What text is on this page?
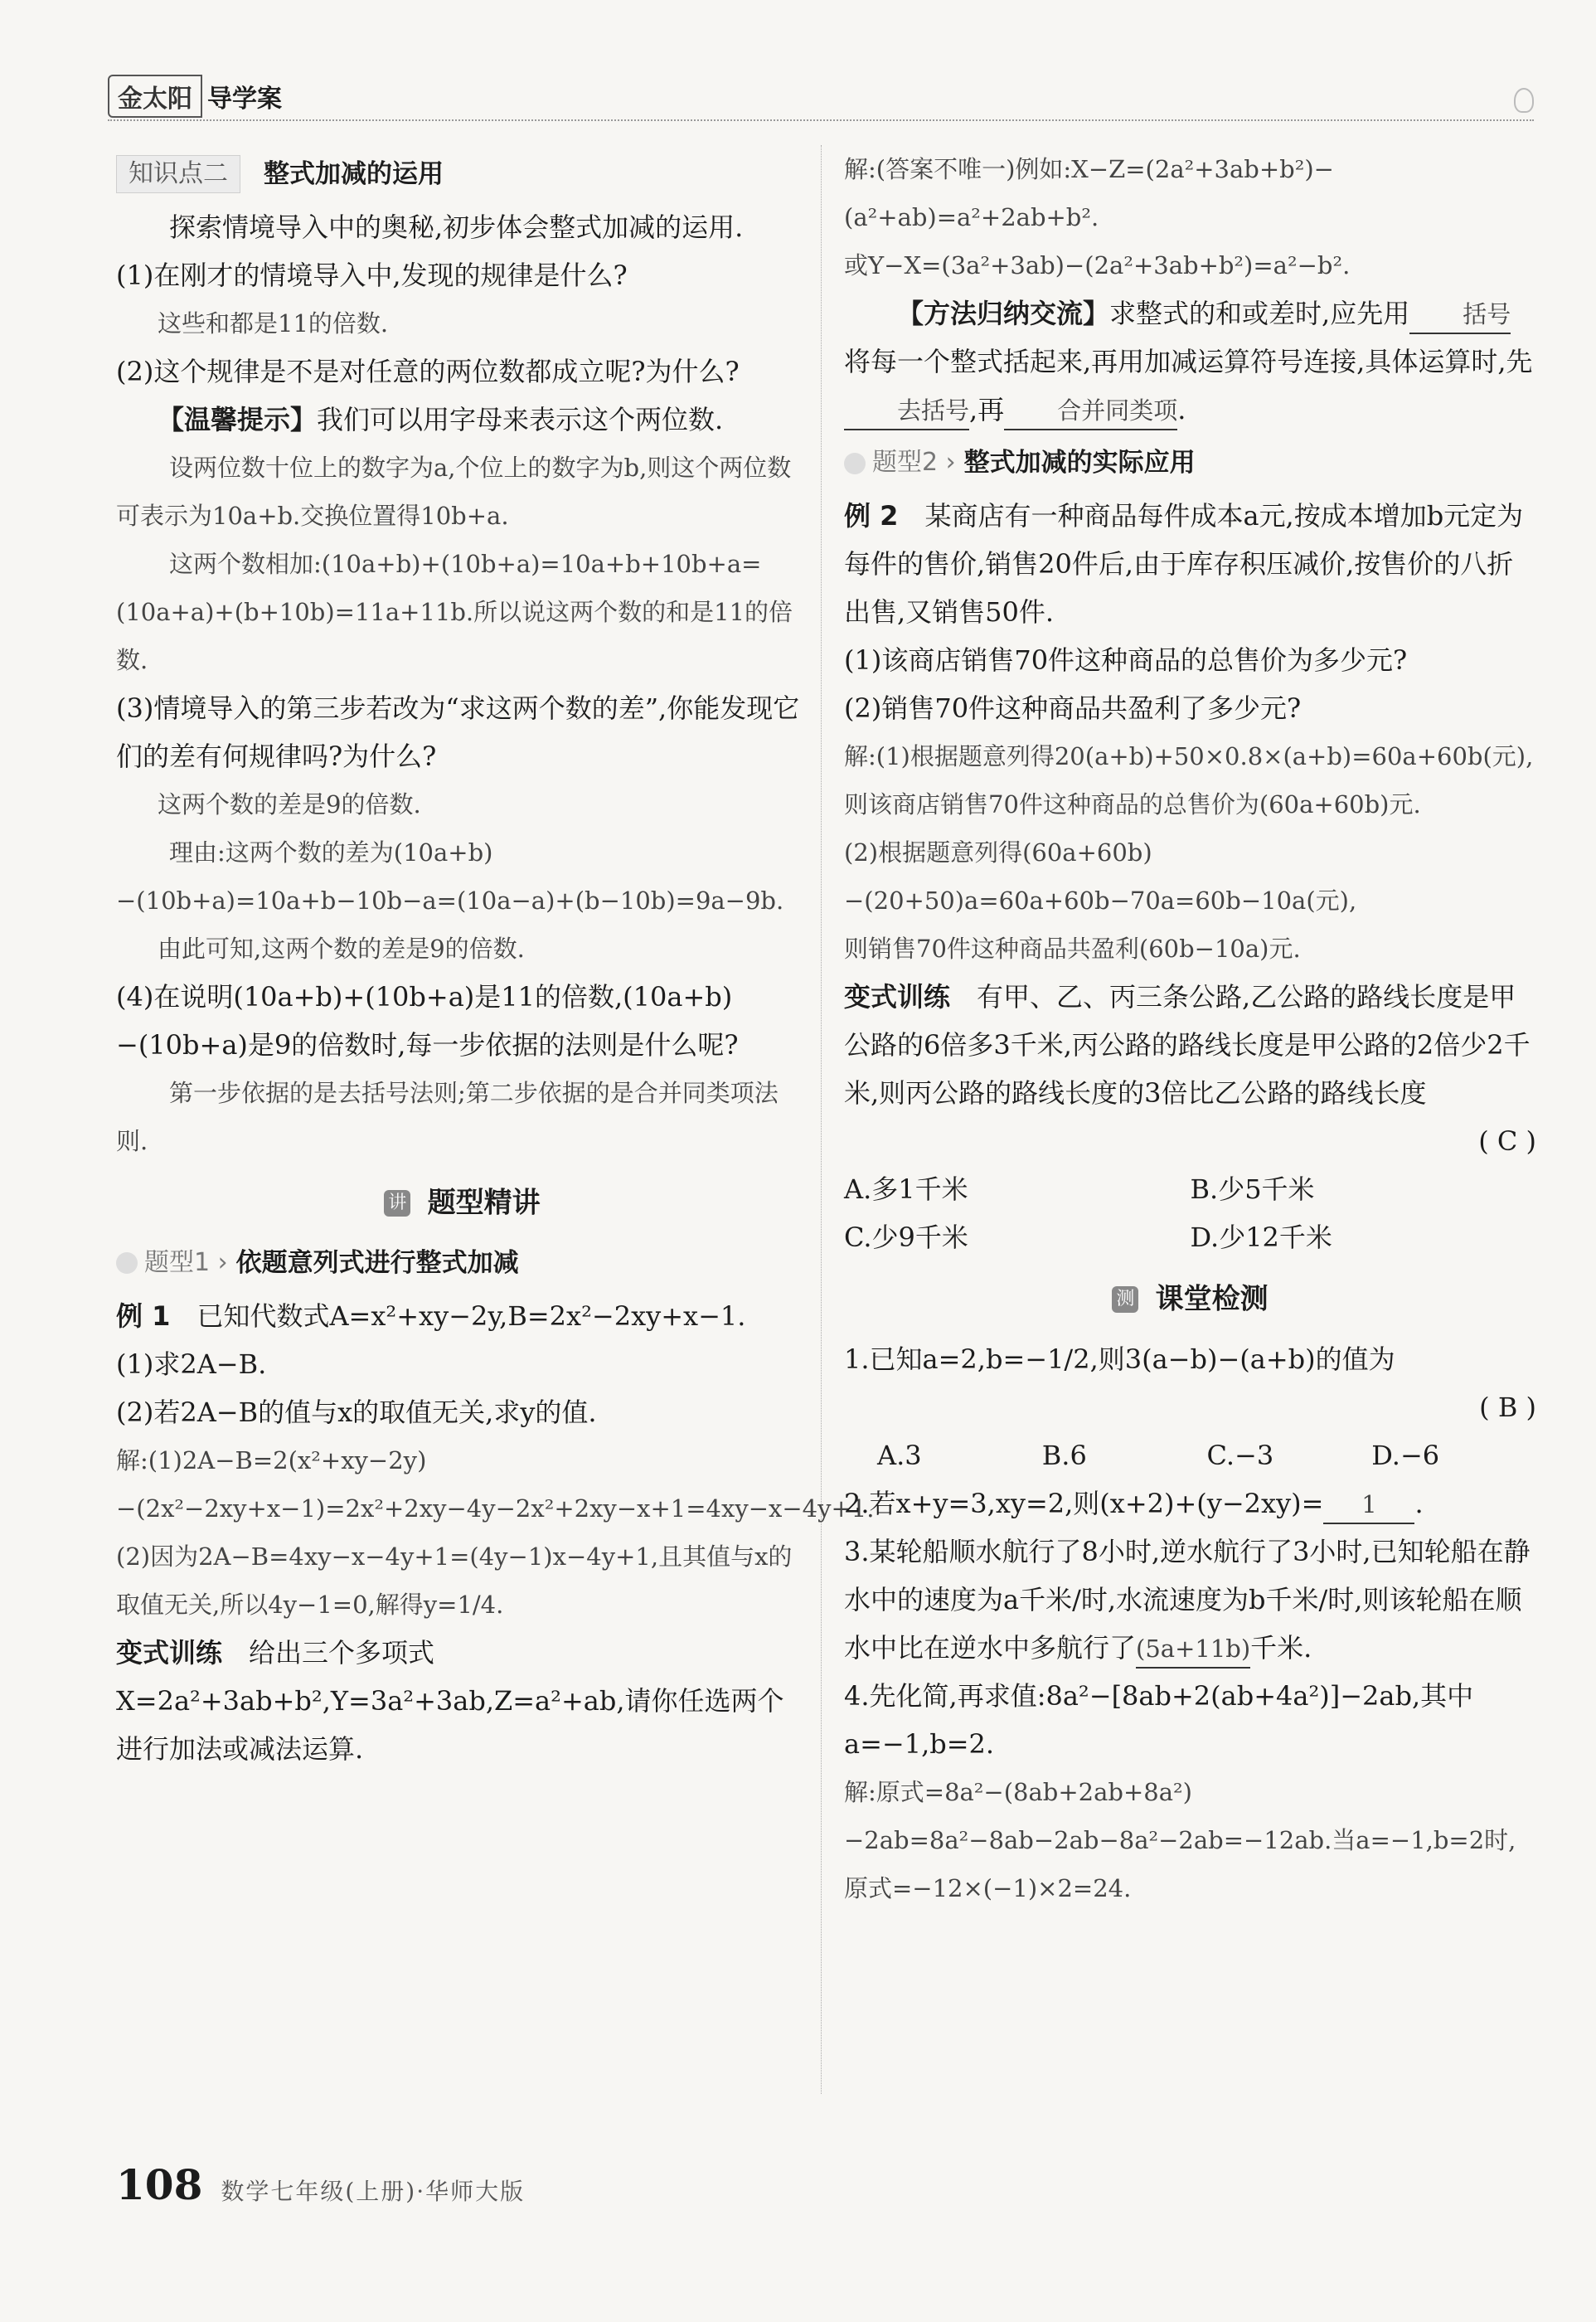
金太阳 导学案
知识点二	整式加减的运用

探索情境导入中的奥秘,初步体会整式加减的运用.

(1)在刚才的情境导入中,发现的规律是什么?

这些和都是11的倍数.

(2)这个规律是不是对任意的两位数都成立呢?为什么?

【温馨提示】我们可以用字母来表示这个两位数.

设两位数十位上的数字为a,个位上的数字为b,则这个两位数可表示为10a+b.交换位置得10b+a.

这两个数相加:(10a+b)+(10b+a)=10a+b+10b+a=(10a+a)+(b+10b)=11a+11b.所以说这两个数的和是11的倍数.

(3)情境导入的第三步若改为“求这两个数的差”,你能发现它们的差有何规律吗?为什么?

这两个数的差是9的倍数.

理由:这两个数的差为(10a+b)−(10b+a)=10a+b−10b−a=(10a−a)+(b−10b)=9a−9b.

由此可知,这两个数的差是9的倍数.

(4)在说明(10a+b)+(10b+a)是11的倍数,(10a+b)−(10b+a)是9的倍数时,每一步依据的法则是什么呢?

第一步依据的是去括号法则;第二步依据的是合并同类项法则.

讲 题型精讲
题型1 › 依题意列式进行整式加减

例 1　 已知代数式A=x²+xy−2y,B=2x²−2xy+x−1.

(1)求2A−B.

(2)若2A−B的值与x的取值无关,求y的值.

解:(1)2A−B=2(x²+xy−2y)−(2x²−2xy+x−1)=2x²+2xy−4y−2x²+2xy−x+1=4xy−x−4y+1.

(2)因为2A−B=4xy−x−4y+1=(4y−1)x−4y+1,且其值与x的取值无关,所以4y−1=0,解得y=1/4.

变式训练　 给出三个多项式X=2a²+3ab+b²,Y=3a²+3ab,Z=a²+ab,请你任选两个进行加法或减法运算.

解:(答案不唯一)例如:X−Z=(2a²+3ab+b²)−(a²+ab)=a²+2ab+b².

或Y−X=(3a²+3ab)−(2a²+3ab+b²)=a²−b².

【方法归纳交流】求整式的和或差时,应先用 括号将每一个整式括起来,再用加减运算符号连接,具体运算时,先去括号,再 合并同类项.

题型2 › 整式加减的实际应用

例 2　 某商店有一种商品每件成本a元,按成本增加b元定为每件的售价,销售20件后,由于库存积压减价,按售价的八折出售,又销售50件.

(1)该商店销售70件这种商品的总售价为多少元?

(2)销售70件这种商品共盈利了多少元?

解:(1)根据题意列得20(a+b)+50×0.8×(a+b)=60a+60b(元),

则该商店销售70件这种商品的总售价为(60a+60b)元.

(2)根据题意列得(60a+60b)−(20+50)a=60a+60b−70a=60b−10a(元),

则销售70件这种商品共盈利(60b−10a)元.

变式训练　 有甲、乙、丙三条公路,乙公路的路线长度是甲公路的6倍多3千米,丙公路的路线长度是甲公路的2倍少2千米,则丙公路的路线长度的3倍比乙公路的路线长度

( C )

A.多1千米	B.少5千米
C.少9千米	D.少12千米
测 课堂检测

1.已知a=2,b=−1/2,则3(a−b)−(a+b)的值为

( B )

A.3	B.6	C.−3	D.−6

2.若x+y=3,xy=2,则(x+2)+(y−2xy)= 1 .

3.某轮船顺水航行了8小时,逆水航行了3小时,已知轮船在静水中的速度为a千米/时,水流速度为b千米/时,则该轮船在顺水中比在逆水中多航行了(5a+11b)千米.

4.先化简,再求值:8a²−[8ab+2(ab+4a²)]−2ab,其中a=−1,b=2.

解:原式=8a²−(8ab+2ab+8a²)−2ab=8a²−8ab−2ab−8a²−2ab=−12ab.当a=−1,b=2时,原式=−12×(−1)×2=24.

108 数学七年级(上册)·华师大版
